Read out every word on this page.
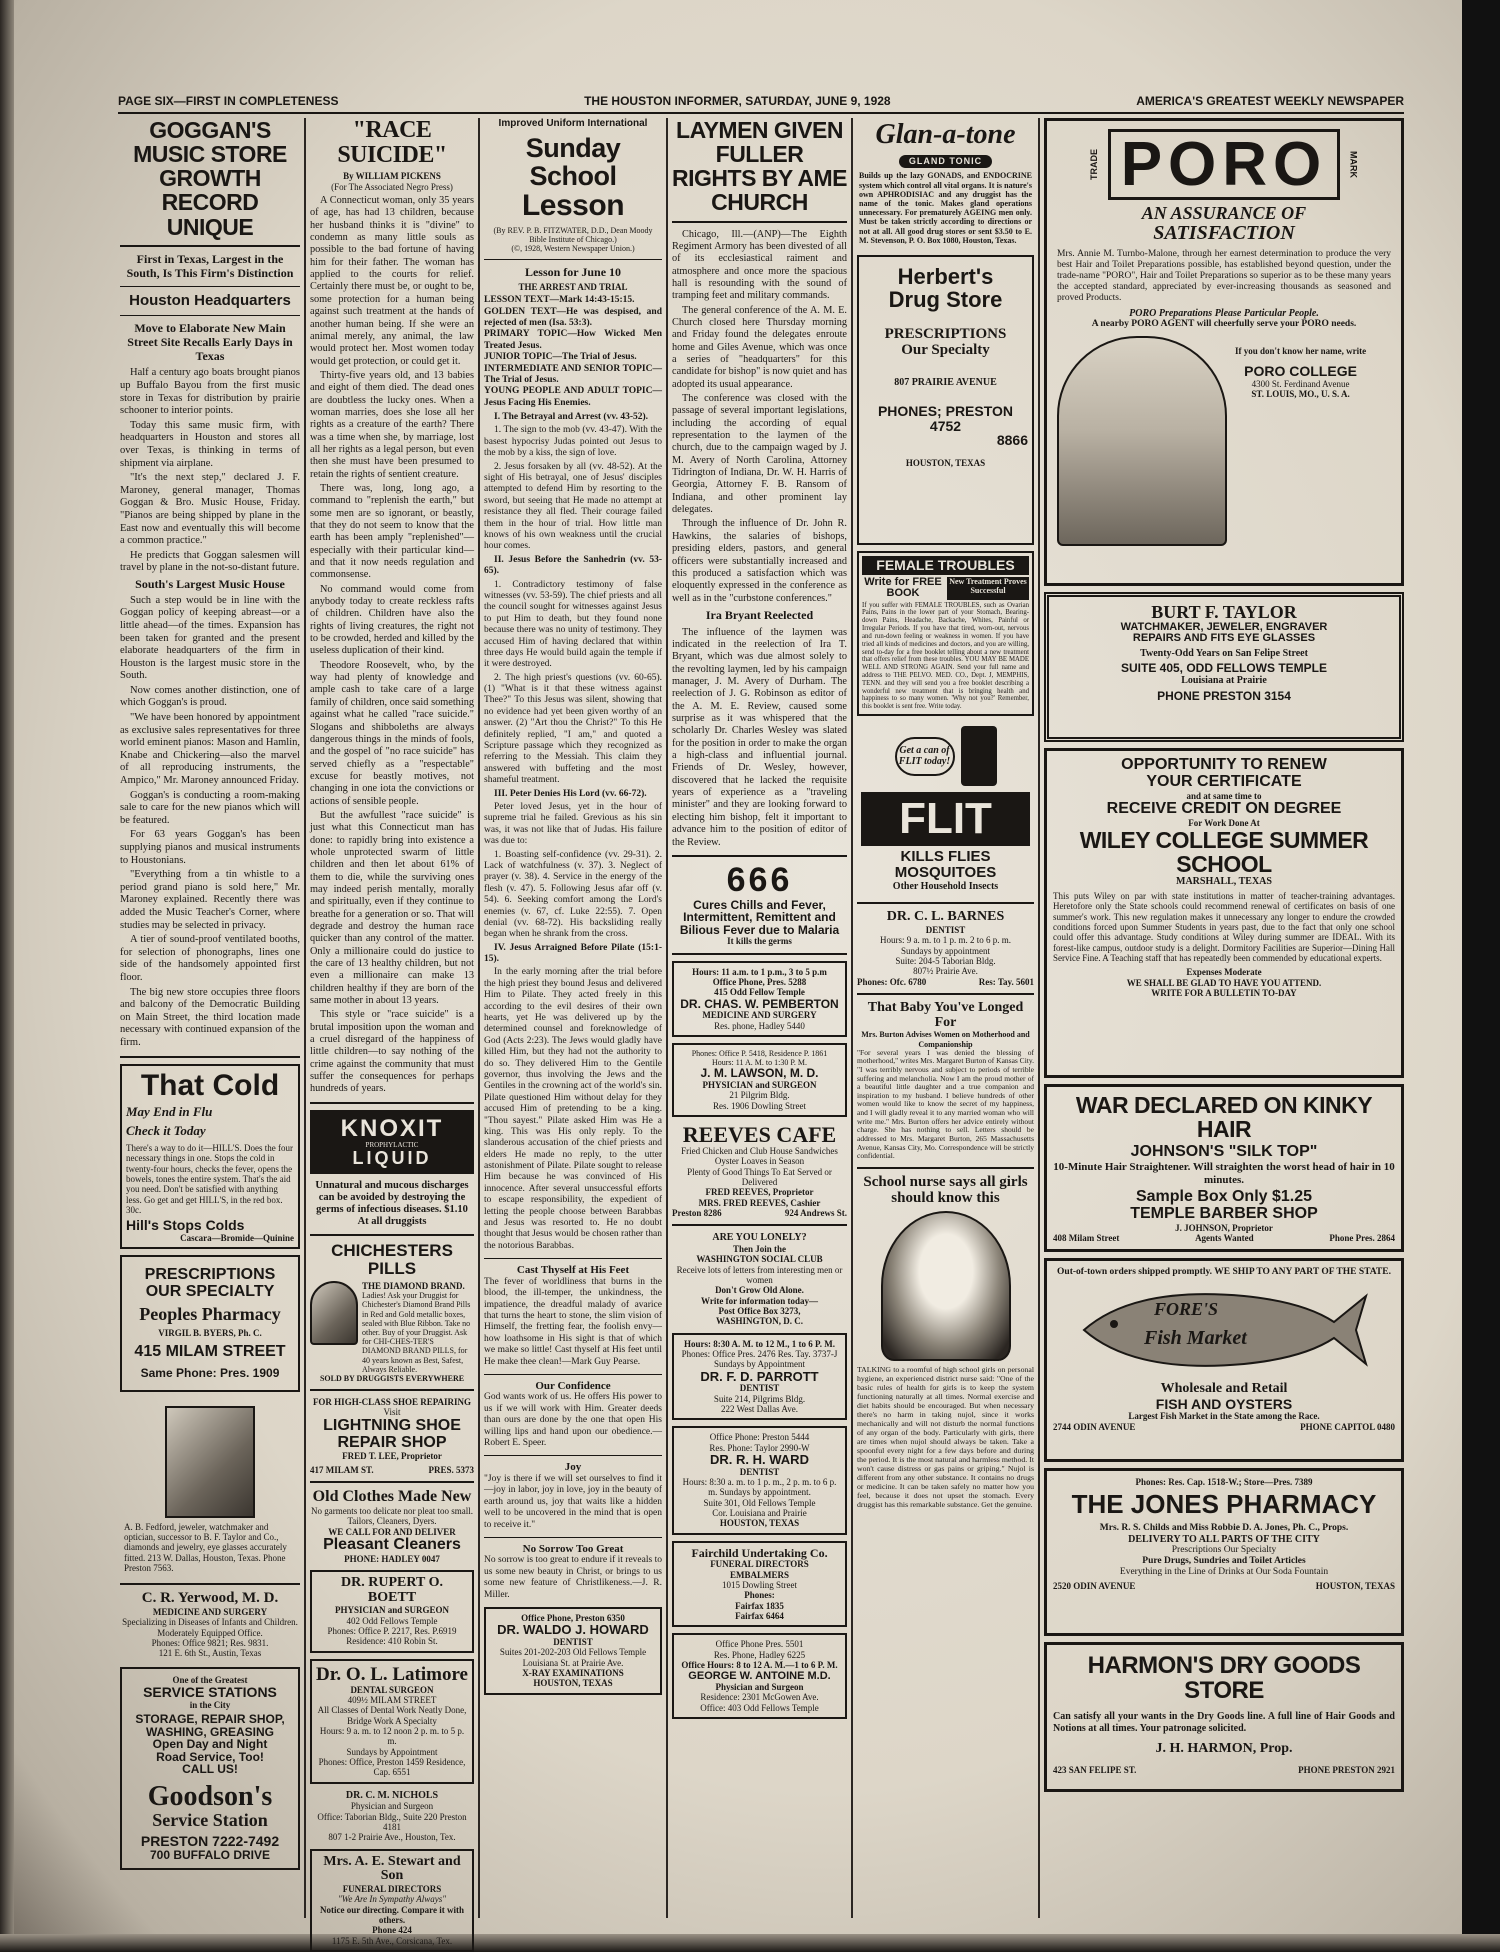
PAGE SIX—FIRST IN COMPLETENESS	THE HOUSTON INFORMER, SATURDAY, JUNE 9, 1928	AMERICA'S GREATEST WEEKLY NEWSPAPER
GOGGAN'S MUSIC STORE GROWTH RECORD UNIQUE
First in Texas, Largest in the South, Is This Firm's Distinction
Houston Headquarters
Move to Elaborate New Main Street Site Recalls Early Days in Texas

Half a century ago boats brought pianos up Buffalo Bayou from the first music store in Texas for distribution by prairie schooner to interior points.

Today this same music firm, with headquarters in Houston and stores all over Texas, is thinking in terms of shipment via airplane.

"It's the next step," declared J. F. Maroney, general manager, Thomas Goggan & Bro. Music House, Friday. "Pianos are being shipped by plane in the East now and eventually this will become a common practice."

He predicts that Goggan salesmen will travel by plane in the not-so-distant future.

South's Largest Music House

Such a step would be in line with the Goggan policy of keeping abreast—or a little ahead—of the times. Expansion has been taken for granted and the present elaborate headquarters of the firm in Houston is the largest music store in the South.

Now comes another distinction, one of which Goggan's is proud.

"We have been honored by appointment as exclusive sales representatives for three world eminent pianos: Mason and Hamlin, Knabe and Chickering—also the marvel of all reproducing instruments, the Ampico," Mr. Maroney announced Friday.

Goggan's is conducting a room-making sale to care for the new pianos which will be featured.

For 63 years Goggan's has been supplying pianos and musical instruments to Houstonians.

"Everything from a tin whistle to a period grand piano is sold here," Mr. Maroney explained. Recently there was added the Music Teacher's Corner, where studies may be selected in privacy.

A tier of sound-proof ventilated booths, for selection of phonographs, lines one side of the handsomely appointed first floor.

The big new store occupies three floors and balcony of the Democratic Building on Main Street, the third location made necessary with continued expansion of the firm.

That Cold
May End in Flu
Check it Today
There's a way to do it—HILL'S. Does the four necessary things in one. Stops the cold in twenty-four hours, checks the fever, opens the bowels, tones the entire system. That's the aid you need. Don't be satisfied with anything less. Go get and get HILL'S, in the red box. 30c.
Hill's Stops Colds
Cascara—Bromide—Quinine
PRESCRIPTIONS
OUR SPECIALTY
Peoples Pharmacy
VIRGIL B. BYERS, Ph. C.
415 MILAM STREET
Same Phone: Pres. 1909
A. B. Fedford, jeweler, watchmaker and optician, successor to B. F. Taylor and Co., diamonds and jewelry, eye glasses accurately fitted. 213 W. Dallas, Houston, Texas. Phone Preston 7563.
C. R. Yerwood, M. D.
MEDICINE AND SURGERY
Specializing in Diseases of Infants and Children.
Moderately Equipped Office.
Phones: Office 9821; Res. 9831.
121 E. 6th St., Austin, Texas
One of the Greatest
SERVICE STATIONS
in the City
STORAGE, REPAIR SHOP, WASHING, GREASING
Open Day and Night
Road Service, Too!
CALL US!
Goodson's
Service Station
PRESTON 7222-7492
700 BUFFALO DRIVE
"RACE SUICIDE"
By WILLIAM PICKENS
(For The Associated Negro Press)

A Connecticut woman, only 35 years of age, has had 13 children, because her husband thinks it is "divine" to condemn as many little souls as possible to the bad fortune of having him for their father. The woman has applied to the courts for relief. Certainly there must be, or ought to be, some protection for a human being against such treatment at the hands of another human being. If she were an animal merely, any animal, the law would protect her. Most women today would get protection, or could get it.

Thirty-five years old, and 13 babies and eight of them died. The dead ones are doubtless the lucky ones. When a woman marries, does she lose all her rights as a creature of the earth? There was a time when she, by marriage, lost all her rights as a legal person, but even then she must have been presumed to retain the rights of sentient creature.

There was, long, long ago, a command to "replenish the earth," but some men are so ignorant, or beastly, that they do not seem to know that the earth has been amply "replenished"—especially with their particular kind—and that it now needs regulation and commonsense.

No command would come from anybody today to create reckless rafts of children. Children have also the rights of living creatures, the right not to be crowded, herded and killed by the useless duplication of their kind.

Theodore Roosevelt, who, by the way had plenty of knowledge and ample cash to take care of a large family of children, once said something against what he called "race suicide." Slogans and shibboleths are always dangerous things in the minds of fools, and the gospel of "no race suicide" has served chiefly as a "respectable" excuse for beastly motives, not changing in one iota the convictions or actions of sensible people.

But the awfullest "race suicide" is just what this Connecticut man has done: to rapidly bring into existence a whole unprotected swarm of little children and then let about 61% of them to die, while the surviving ones may indeed perish mentally, morally and spiritually, even if they continue to breathe for a generation or so. That will degrade and destroy the human race quicker than any control of the matter. Only a millionaire could do justice to the care of 13 healthy children, but not even a millionaire can make 13 children healthy if they are born of the same mother in about 13 years.

This style or "race suicide" is a brutal imposition upon the woman and a cruel disregard of the happiness of little children—to say nothing of the crime against the community that must suffer the consequences for perhaps hundreds of years.

KNOXIT
PROPHYLACTIC
LIQUID
Unnatural and mucous discharges can be avoided by destroying the germs of infectious diseases. $1.10 At all druggists
CHICHESTERS PILLS
THE DIAMOND BRAND.
Ladies! Ask your Druggist for Chichester's Diamond Brand Pills in Red and Gold metallic boxes, sealed with Blue Ribbon. Take no other. Buy of your Druggist. Ask for CHI-CHES-TER'S DIAMOND BRAND PILLS, for 40 years known as Best, Safest, Always Reliable.
SOLD BY DRUGGISTS EVERYWHERE
FOR HIGH-CLASS SHOE REPAIRING
Visit
LIGHTNING SHOE REPAIR SHOP
FRED T. LEE, Proprietor
417 MILAM ST.	PRES. 5373
Old Clothes Made New
No garments too delicate nor pleat too small. Tailors, Cleaners, Dyers.
WE CALL FOR AND DELIVER
Pleasant Cleaners
PHONE: HADLEY 0047
DR. RUPERT O. BOETT
PHYSICIAN and SURGEON
402 Odd Fellows Temple
Phones: Office P. 2217, Res. P.6919
Residence: 410 Robin St.
Dr. O. L. Latimore
DENTAL SURGEON
409½ MILAM STREET
All Classes of Dental Work Neatly Done, Bridge Work A Specialty
Hours: 9 a. m. to 12 noon 2 p. m. to 5 p. m.
Sundays by Appointment
Phones: Office, Preston 1459 Residence, Cap. 6551
DR. C. M. NICHOLS
Physician and Surgeon
Office: Taborian Bldg., Suite 220 Preston 4181
807 1-2 Prairie Ave., Houston, Tex.
Mrs. A. E. Stewart and Son
FUNERAL DIRECTORS
"We Are In Sympathy Always"
Notice our directing. Compare it with others.
Phone 424
1175 E. 5th Ave., Corsicana, Tex.
Improved Uniform International
Sunday School
Lesson
(By REV. P. B. FITZWATER, D.D., Dean Moody Bible Institute of Chicago.)
(©, 1928, Western Newspaper Union.)
Lesson for June 10
THE ARREST AND TRIAL
LESSON TEXT—Mark 14:43-15:15.
GOLDEN TEXT—He was despised, and rejected of men (Isa. 53:3).
PRIMARY TOPIC—How Wicked Men Treated Jesus.
JUNIOR TOPIC—The Trial of Jesus.
INTERMEDIATE AND SENIOR TOPIC—The Trial of Jesus.
YOUNG PEOPLE AND ADULT TOPIC—Jesus Facing His Enemies.

I. The Betrayal and Arrest (vv. 43-52).

1. The sign to the mob (vv. 43-47). With the basest hypocrisy Judas pointed out Jesus to the mob by a kiss, the sign of love.

2. Jesus forsaken by all (vv. 48-52). At the sight of His betrayal, one of Jesus' disciples attempted to defend Him by resorting to the sword, but seeing that He made no attempt at resistance they all fled. Their courage failed them in the hour of trial. How little man knows of his own weakness until the crucial hour comes.

II. Jesus Before the Sanhedrin (vv. 53-65).

1. Contradictory testimony of false witnesses (vv. 53-59). The chief priests and all the council sought for witnesses against Jesus to put Him to death, but they found none because there was no unity of testimony. They accused Him of having declared that within three days He would build again the temple if it were destroyed.

2. The high priest's questions (vv. 60-65). (1) "What is it that these witness against Thee?" To this Jesus was silent, showing that no evidence had yet been given worthy of an answer. (2) "Art thou the Christ?" To this He definitely replied, "I am," and quoted a Scripture passage which they recognized as referring to the Messiah. This claim they answered with buffeting and the most shameful treatment.

III. Peter Denies His Lord (vv. 66-72).

Peter loved Jesus, yet in the hour of supreme trial he failed. Grevious as his sin was, it was not like that of Judas. His failure was due to:

1. Boasting self-confidence (vv. 29-31). 2. Lack of watchfulness (v. 37). 3. Neglect of prayer (v. 38). 4. Service in the energy of the flesh (v. 47). 5. Following Jesus afar off (v. 54). 6. Seeking comfort among the Lord's enemies (v. 67, cf. Luke 22:55). 7. Open denial (vv. 68-72). His backsliding really began when he shrank from the cross.

IV. Jesus Arraigned Before Pilate (15:1-15).

In the early morning after the trial before the high priest they bound Jesus and delivered Him to Pilate. They acted freely in this according to the evil desires of their own hearts, yet He was delivered up by the determined counsel and foreknowledge of God (Acts 2:23). The Jews would gladly have killed Him, but they had not the authority to do so. They delivered Him to the Gentile governor, thus involving the Jews and the Gentiles in the crowning act of the world's sin. Pilate questioned Him without delay for they accused Him of pretending to be a king. "Thou sayest." Pilate asked Him was He a king. This was His only reply. To the slanderous accusation of the chief priests and elders He made no reply, to the utter astonishment of Pilate. Pilate sought to release Him because he was convinced of His innocence. After several unsuccessful efforts to escape responsibility, the expedient of letting the people choose between Barabbas and Jesus was resorted to. He no doubt thought that Jesus would be chosen rather than the notorious Barabbas.

Cast Thyself at His Feet
The fever of worldliness that burns in the blood, the ill-temper, the unkindness, the impatience, the dreadful malady of avarice that turns the heart to stone, the slim vision of Himself, the fretting fear, the foolish envy—how loathsome in His sight is that of which we make so little! Cast thyself at His feet until He make thee clean!—Mark Guy Pearse.
Our Confidence
God wants work of us. He offers His power to us if we will work with Him. Greater deeds than ours are done by the one that open His willing lips and hand upon our obedience.—Robert E. Speer.
Joy
"Joy is there if we will set ourselves to find it—joy in labor, joy in love, joy in the beauty of earth around us, joy that waits like a hidden well to be uncovered in the mind that is open to receive it."
No Sorrow Too Great
No sorrow is too great to endure if it reveals to us some new beauty in Christ, or brings to us some new feature of Christlikeness.—J. R. Miller.
Office Phone, Preston 6350
DR. WALDO J. HOWARD
DENTIST
Suites 201-202-203 Old Fellows Temple
Louisiana St. at Prairie Ave.
X-RAY EXAMINATIONS
HOUSTON, TEXAS
LAYMEN GIVEN FULLER RIGHTS BY AME CHURCH

Chicago, Ill.—(ANP)—The Eighth Regiment Armory has been divested of all of its ecclesiastical raiment and atmosphere and once more the spacious hall is resounding with the sound of tramping feet and military commands.

The general conference of the A. M. E. Church closed here Thursday morning and Friday found the delegates enroute home and Giles Avenue, which was once a series of "headquarters" for this candidate for bishop" is now quiet and has adopted its usual appearance.

The conference was closed with the passage of several important legislations, including the according of equal representation to the laymen of the church, due to the campaign waged by J. M. Avery of North Carolina, Attorney Tidrington of Indiana, Dr. W. H. Harris of Georgia, Attorney F. B. Ransom of Indiana, and other prominent lay delegates.

Through the influence of Dr. John R. Hawkins, the salaries of bishops, presiding elders, pastors, and general officers were substantially increased and this produced a satisfaction which was eloquently expressed in the conference as well as in the "curbstone conferences."

Ira Bryant Reelected

The influence of the laymen was indicated in the reelection of Ira T. Bryant, which was due almost solely to the revolting laymen, led by his campaign manager, J. M. Avery of Durham. The reelection of J. G. Robinson as editor of the A. M. E. Review, caused some surprise as it was whispered that the scholarly Dr. Charles Wesley was slated for the position in order to make the organ a high-class and influential journal. Friends of Dr. Wesley, however, discovered that he lacked the requisite years of experience as a "traveling minister" and they are looking forward to electing him bishop, felt it important to advance him to the position of editor of the Review.

666
Cures Chills and Fever, Intermittent, Remittent and Bilious Fever due to Malaria
It kills the germs
Hours: 11 a.m. to 1 p.m., 3 to 5 p.m
Office Phone, Pres. 5288
415 Odd Fellow Temple
DR. CHAS. W. PEMBERTON
MEDICINE AND SURGERY
Res. phone, Hadley 5440
Phones: Office P. 5418, Residence P. 1861
Hours: 11 A. M. to 1:30 P. M.
J. M. LAWSON, M. D.
PHYSICIAN and SURGEON
21 Pilgrim Bldg.
Res. 1906 Dowling Street
REEVES CAFE
Fried Chicken and Club House Sandwiches Oyster Loaves in Season
Plenty of Good Things To Eat Served or Delivered
FRED REEVES, Proprietor
MRS. FRED REEVES, Cashier
Preston 8286	924 Andrews St.
ARE YOU LONELY?
Then Join the
WASHINGTON SOCIAL CLUB
Receive lots of letters from interesting men or women
Don't Grow Old Alone.
Write for information today—
Post Office Box 3273,
WASHINGTON, D. C.
Hours: 8:30 A. M. to 12 M., 1 to 6 P. M.
Phones: Office Pres. 2476 Res. Tay. 3737-J
Sundays by Appointment
DR. F. D. PARROTT
DENTIST
Suite 214, Pilgrims Bldg.
222 West Dallas Ave.
Office Phone: Preston 5444
Res. Phone: Taylor 2990-W
DR. R. H. WARD
DENTIST
Hours: 8:30 a. m. to 1 p. m., 2 p. m. to 6 p. m. Sundays by appointment.
Suite 301, Old Fellows Temple
Cor. Louisiana and Prairie
HOUSTON, TEXAS
Fairchild Undertaking Co.
FUNERAL DIRECTORS
EMBALMERS
1015 Dowling Street
Phones:
Fairfax 1835
Fairfax 6464
Office Phone Pres. 5501
Res. Phone, Hadley 6225
Office Hours: 8 to 12 A. M.—1 to 6 P. M.
GEORGE W. ANTOINE M.D.
Physician and Surgeon
Residence: 2301 McGowen Ave.
Office: 403 Odd Fellows Temple
Glan-a-tone
GLAND TONIC
Builds up the lazy GONADS, and ENDOCRINE system which control all vital organs. It is nature's own APHRODISIAC and any druggist has the name of the tonic. Makes gland operations unnecessary. For prematurely AGEING men only. Must be taken strictly according to directions or not at all. All good drug stores or sent $3.50 to E. M. Stevenson, P. O. Box 1080, Houston, Texas.
Herbert's
Drug Store
PRESCRIPTIONS
Our Specialty
807 PRAIRIE AVENUE
PHONES; PRESTON 4752
8866
HOUSTON, TEXAS
FEMALE TROUBLES
Write for FREE BOOK
New Treatment Proves Successful
If you suffer with FEMALE TROUBLES, such as Ovarian Pains, Pains in the lower part of your Stomach, Bearing-down Pains, Headache, Backache, Whites, Painful or Irregular Periods. If you have that tired, worn-out, nervous and run-down feeling or weakness in women. If you have tried all kinds of medicines and doctors, and you are willing, send to-day for a free booklet telling about a new treatment that offers relief from these troubles. YOU MAY BE MADE WELL AND STRONG AGAIN. Send your full name and address to THE PELVO. MED. CO., Dept. J, MEMPHIS, TENN. and they will send you a free booklet describing a wonderful new treatment that is bringing health and happiness to so many women. 'Why not you?' Remember, this booklet is sent free. Write today.
Get a can of FLIT today!
FLIT
KILLS FLIES
MOSQUITOES
Other Household Insects
DR. C. L. BARNES
DENTIST
Hours: 9 a. m. to 1 p. m. 2 to 6 p. m.
Sundays by appointment
Suite: 204-5 Taborian Bldg.
807½ Prairie Ave.
Phones: Ofc. 6780	Res: Tay. 5601
That Baby You've Longed For
Mrs. Burton Advises Women on Motherhood and Companionship
"For several years I was denied the blessing of motherhood," writes Mrs. Margaret Burton of Kansas City. "I was terribly nervous and subject to periods of terrible suffering and melancholia. Now I am the proud mother of a beautiful little daughter and a true companion and inspiration to my husband. I believe hundreds of other women would like to know the secret of my happiness, and I will gladly reveal it to any married woman who will write me." Mrs. Burton offers her advice entirely without charge. She has nothing to sell. Letters should be addressed to Mrs. Margaret Burton, 265 Massachusetts Avenue, Kansas City, Mo. Correspondence will be strictly confidential.
School nurse says all girls should know this
TALKING to a roomful of high school girls on personal hygiene, an experienced district nurse said: "One of the basic rules of health for girls is to keep the system functioning naturally at all times. Normal exercise and diet habits should be encouraged. But when necessary there's no harm in taking nujol, since it works mechanically and will not disturb the normal functions of any organ of the body. Particularly with girls, there are times when nujol should always be taken. Take a spoonful every night for a few days before and during the period. It is the most natural and harmless method. It won't cause distress or gas pains or griping." Nujol is different from any other substance. It contains no drugs or medicine. It can be taken safely no matter how you feel, because it does not upset the stomach. Every druggist has this remarkable substance. Get the genuine.
TRADE PORO	MARK
AN ASSURANCE OF
SATISFACTION
Mrs. Annie M. Turnbo-Malone, through her earnest determination to produce the very best Hair and Toilet Preparations possible, has established beyond question, under the trade-name "PORO", Hair and Toilet Preparations so superior as to be these many years the accepted standard, appreciated by ever-increasing thousands as seasoned and proved Products.
PORO Preparations Please Particular People.
A nearby PORO AGENT will cheerfully serve your PORO needs.
If you don't know her name, write
PORO COLLEGE
4300 St. Ferdinand Avenue
ST. LOUIS, MO., U. S. A.
BURT F. TAYLOR
WATCHMAKER, JEWELER, ENGRAVER
REPAIRS AND FITS EYE GLASSES
Twenty-Odd Years on San Felipe Street
SUITE 405, ODD FELLOWS TEMPLE
Louisiana at Prairie
PHONE PRESTON 3154
OPPORTUNITY TO RENEW
YOUR CERTIFICATE
and at same time to
RECEIVE CREDIT ON DEGREE
For Work Done At
WILEY COLLEGE SUMMER SCHOOL
MARSHALL, TEXAS
This puts Wiley on par with state institutions in matter of teacher-training advantages. Heretofore only the State schools could recommend renewal of certificates on basis of one summer's work. This new regulation makes it unnecessary any longer to endure the crowded conditions forced upon Summer Students in years past, due to the fact that only one school could offer this advantage. Study conditions at Wiley during summer are IDEAL. With its forest-like campus, outdoor study is a delight. Dormitory Facilities are Superior—Dining Hall Service Fine. A Teaching staff that has repeatedly been commended by educational experts.
Expenses Moderate
WE SHALL BE GLAD TO HAVE YOU ATTEND.
WRITE FOR A BULLETIN TO-DAY
WAR DECLARED ON KINKY HAIR
JOHNSON'S "SILK TOP"
10-Minute Hair Straightener. Will straighten the worst head of hair in 10 minutes.
Sample Box Only $1.25
TEMPLE BARBER SHOP
J. JOHNSON, Proprietor
408 Milam Street	Agents Wanted	Phone Pres. 2864
Out-of-town orders shipped promptly. WE SHIP TO ANY PART OF THE STATE.
FORE'S
Fish Market
Wholesale and Retail
FISH AND OYSTERS
Largest Fish Market in the State among the Race.
2744 ODIN AVENUE	PHONE CAPITOL 0480
Phones: Res. Cap. 1518-W.; Store—Pres. 7389
THE JONES PHARMACY
Mrs. R. S. Childs and Miss Robbie D. A. Jones, Ph. C., Props.
DELIVERY TO ALL PARTS OF THE CITY
Prescriptions Our Specialty
Pure Drugs, Sundries and Toilet Articles
Everything in the Line of Drinks at Our Soda Fountain
2520 ODIN AVENUE	HOUSTON, TEXAS
HARMON'S DRY GOODS STORE
Can satisfy all your wants in the Dry Goods line. A full line of Hair Goods and Notions at all times. Your patronage solicited.
J. H. HARMON, Prop.
423 SAN FELIPE ST.	PHONE PRESTON 2921
